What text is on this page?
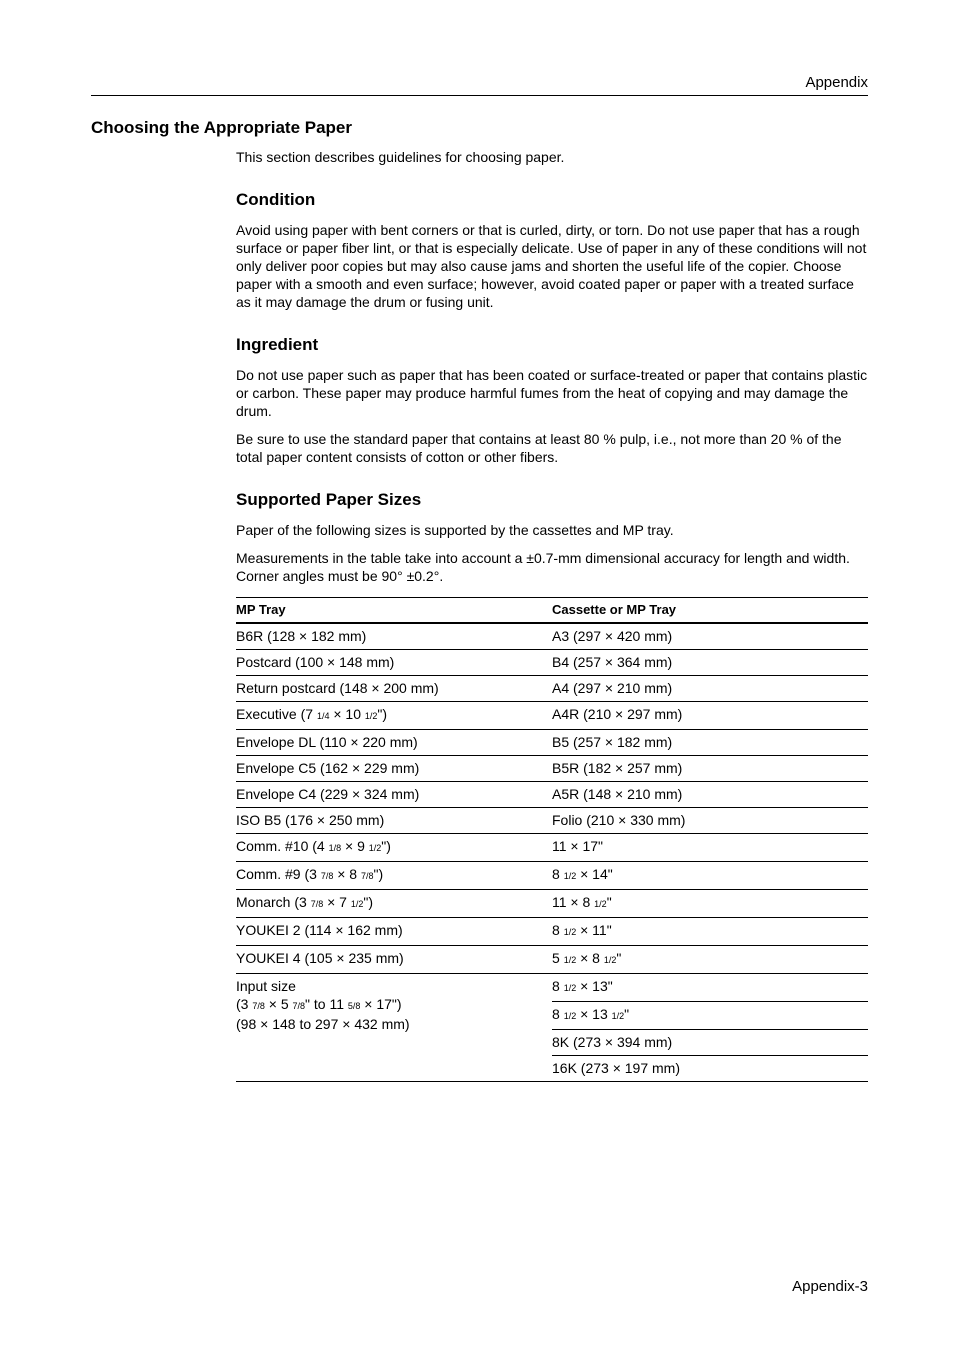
Appendix
Choosing the Appropriate Paper

This section describes guidelines for choosing paper.

Condition

Avoid using paper with bent corners or that is curled, dirty, or torn. Do not use paper that has a rough surface or paper fiber lint, or that is especially delicate. Use of paper in any of these conditions will not only deliver poor copies but may also cause jams and shorten the useful life of the copier. Choose paper with a smooth and even surface; however, avoid coated paper or paper with a treated surface as it may damage the drum or fusing unit.

Ingredient

Do not use paper such as paper that has been coated or surface-treated or paper that contains plastic or carbon. These paper may produce harmful fumes from the heat of copying and may damage the drum.

Be sure to use the standard paper that contains at least 80 % pulp, i.e., not more than 20 % of the total paper content consists of cotton or other fibers.

Supported Paper Sizes

Paper of the following sizes is supported by the cassettes and MP tray.

Measurements in the table take into account a ±0.7-mm dimensional accuracy for length and width. Corner angles must be 90° ±0.2°.

MP Tray	Cassette or MP Tray
B6R (128 × 182 mm)	A3 (297 × 420 mm)
Postcard (100 × 148 mm)	B4 (257 × 364 mm)
Return postcard (148 × 200 mm)	A4 (297 × 210 mm)
Executive (7 1/4 × 10 1/2")	A4R (210 × 297 mm)
Envelope DL (110 × 220 mm)	B5 (257 × 182 mm)
Envelope C5 (162 × 229 mm)	B5R (182 × 257 mm)
Envelope C4 (229 × 324 mm)	A5R (148 × 210 mm)
ISO B5 (176 × 250 mm)	Folio (210 × 330 mm)
Comm. #10 (4 1/8 × 9 1/2")	11 × 17"
Comm. #9 (3 7/8 × 8 7/8")	8 1/2 × 14"
Monarch (3 7/8 × 7 1/2")	11 × 8 1/2"
YOUKEI 2 (114 × 162 mm)	8 1/2 × 11"
YOUKEI 4 (105 × 235 mm)	5 1/2 × 8 1/2"

Input size
(3 7/8 × 5 7/8" to 11 5/8 × 17")
(98 × 148 to 297 × 432 mm)	8 1/2 × 13"
	8 1/2 × 13 1/2"
	8K (273 × 394 mm)
	16K (273 × 197 mm)
Appendix-3
